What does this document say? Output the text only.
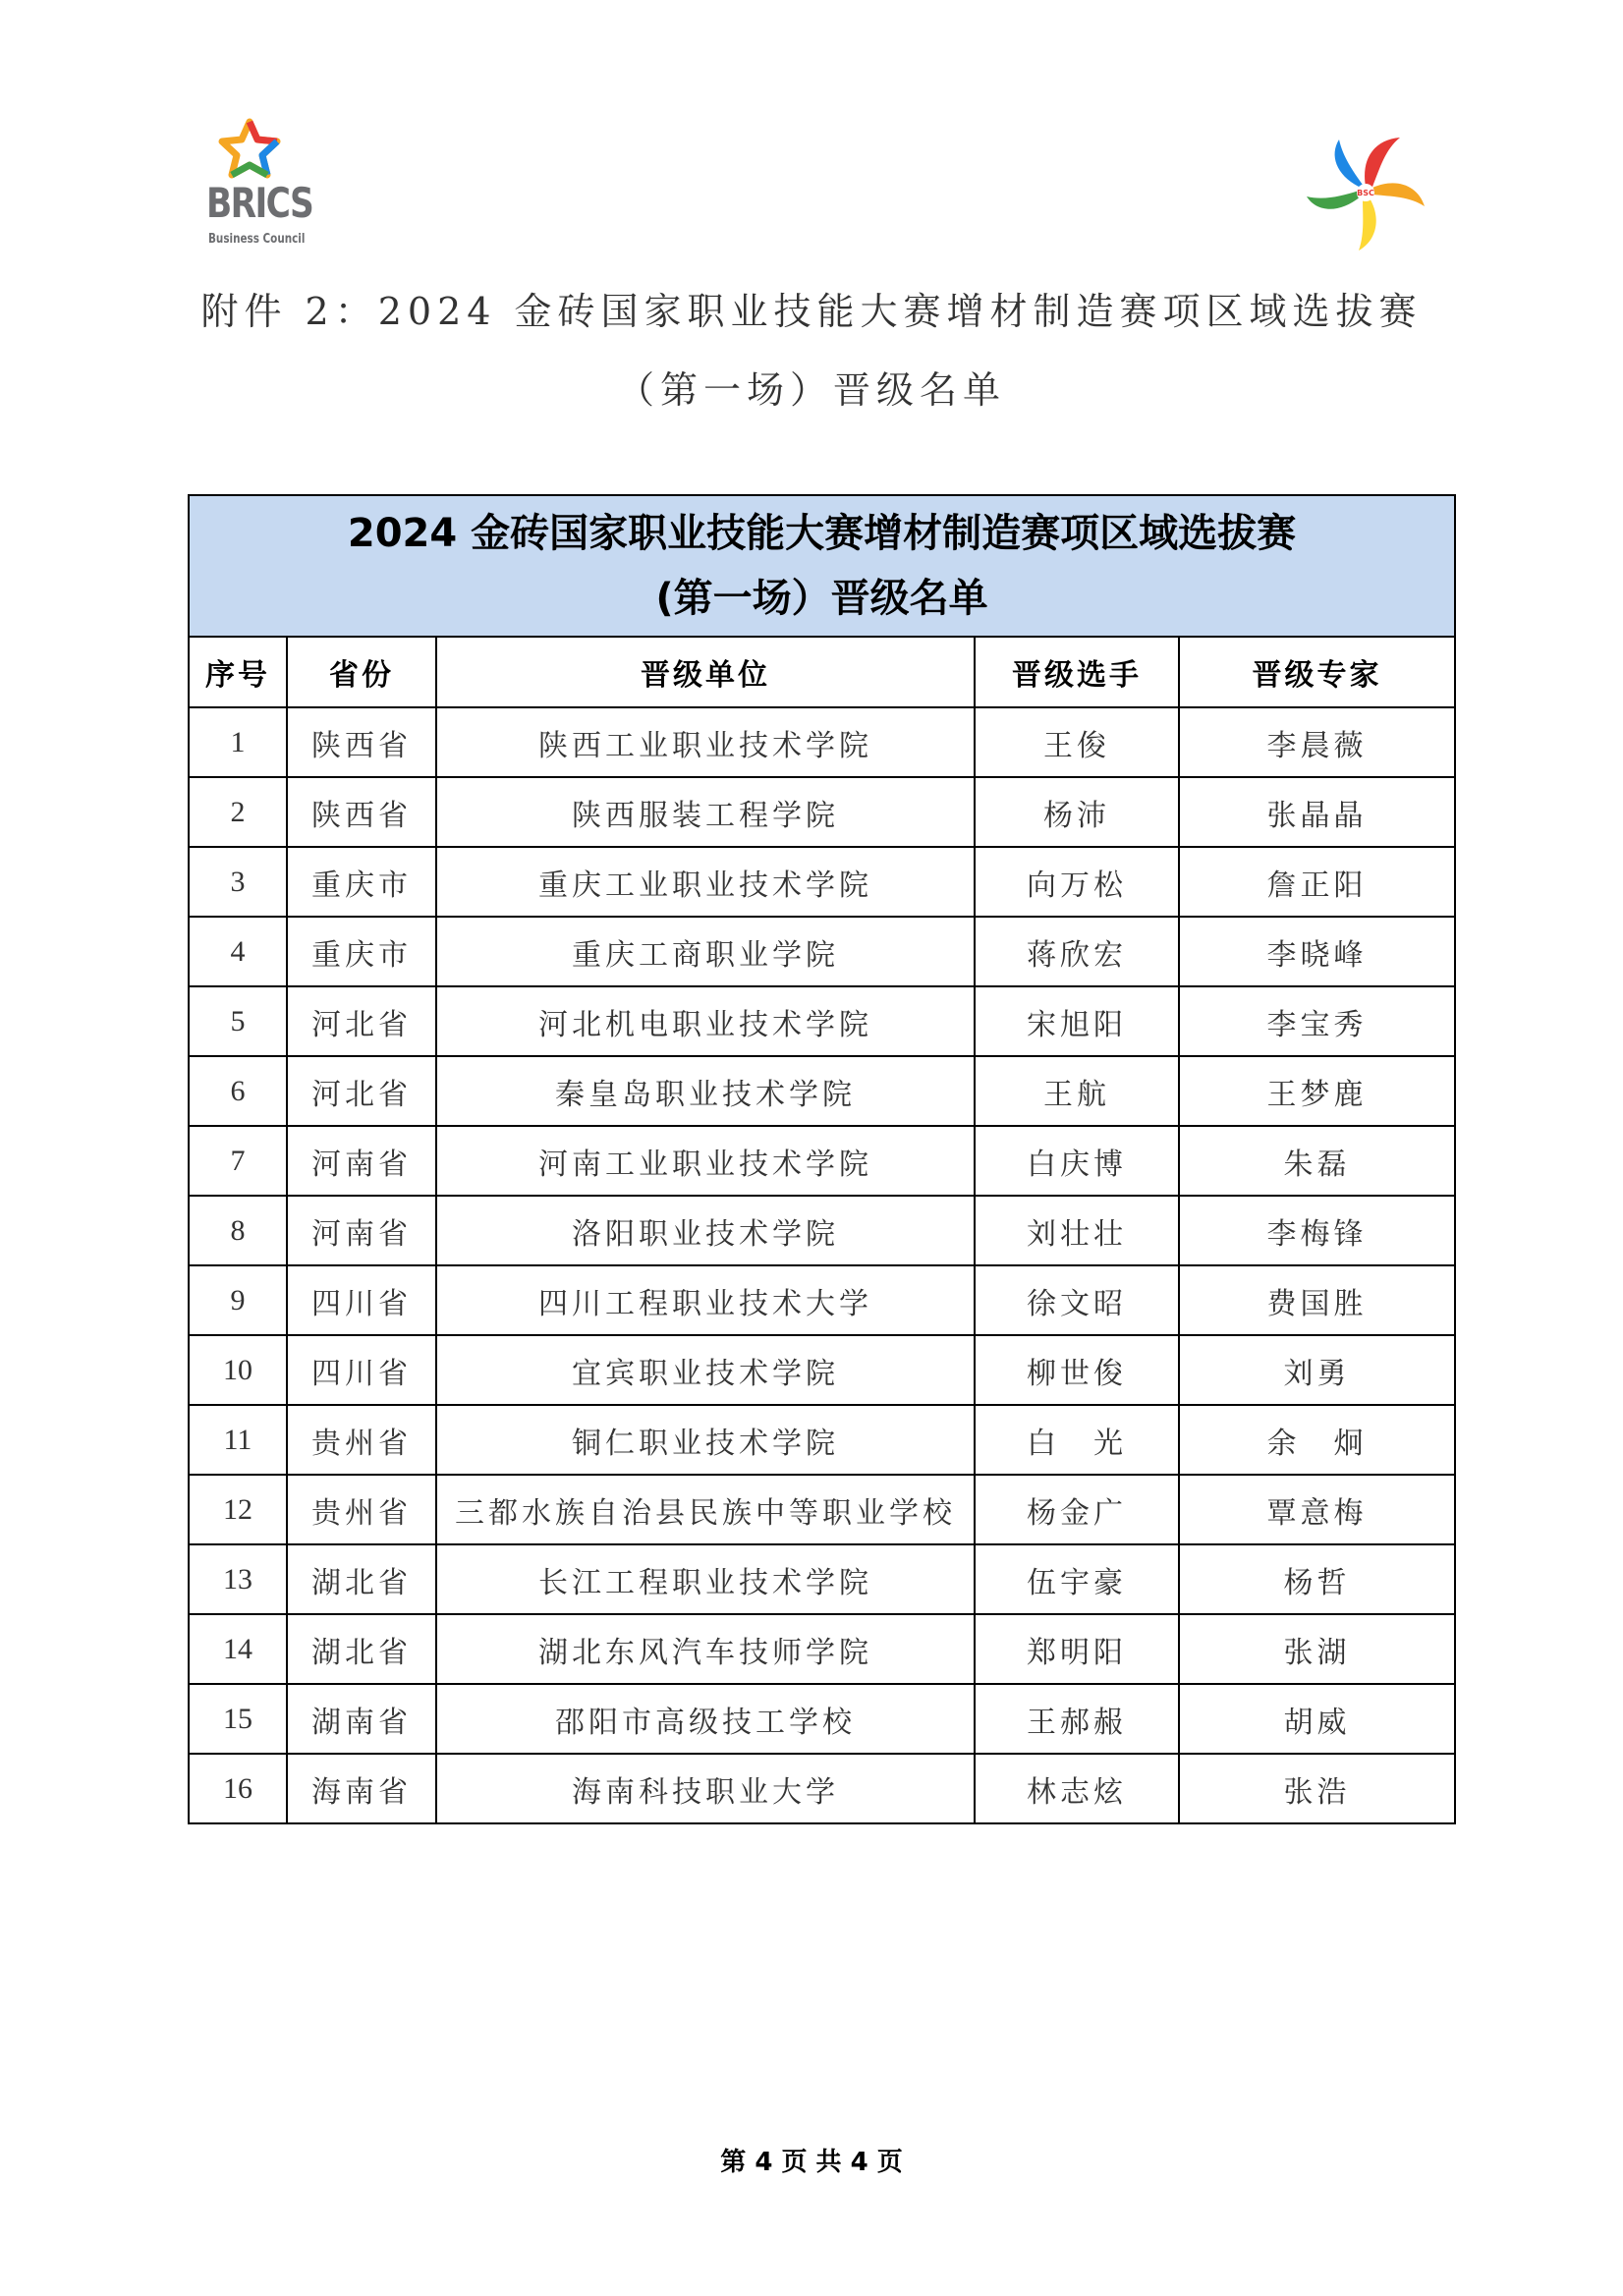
BRICS
Business Council
BSC
附件 2：2024 金砖国家职业技能大赛增材制造赛项区域选拔赛
（第一场）晋级名单
2024 金砖国家职业技能大赛增材制造赛项区域选拔赛
(第一场）晋级名单				

序号	省份	晋级单位	晋级选手	晋级专家
1	陕西省	陕西工业职业技术学院	王俊	李晨薇
2	陕西省	陕西服装工程学院	杨沛	张晶晶
3	重庆市	重庆工业职业技术学院	向万松	詹正阳
4	重庆市	重庆工商职业学院	蒋欣宏	李晓峰
5	河北省	河北机电职业技术学院	宋旭阳	李宝秀
6	河北省	秦皇岛职业技术学院	王航	王梦鹿
7	河南省	河南工业职业技术学院	白庆博	朱磊
8	河南省	洛阳职业技术学院	刘壮壮	李梅锋
9	四川省	四川工程职业技术大学	徐文昭	费国胜
10	四川省	宜宾职业技术学院	柳世俊	刘勇
11	贵州省	铜仁职业技术学院	白　光	余　炯
12	贵州省	三都水族自治县民族中等职业学校	杨金广	覃意梅
13	湖北省	长江工程职业技术学院	伍宇豪	杨哲
14	湖北省	湖北东风汽车技师学院	郑明阳	张湖
15	湖南省	邵阳市高级技工学校	王郝赧	胡威
16	海南省	海南科技职业大学	林志炫	张浩
第 4 页 共 4 页
